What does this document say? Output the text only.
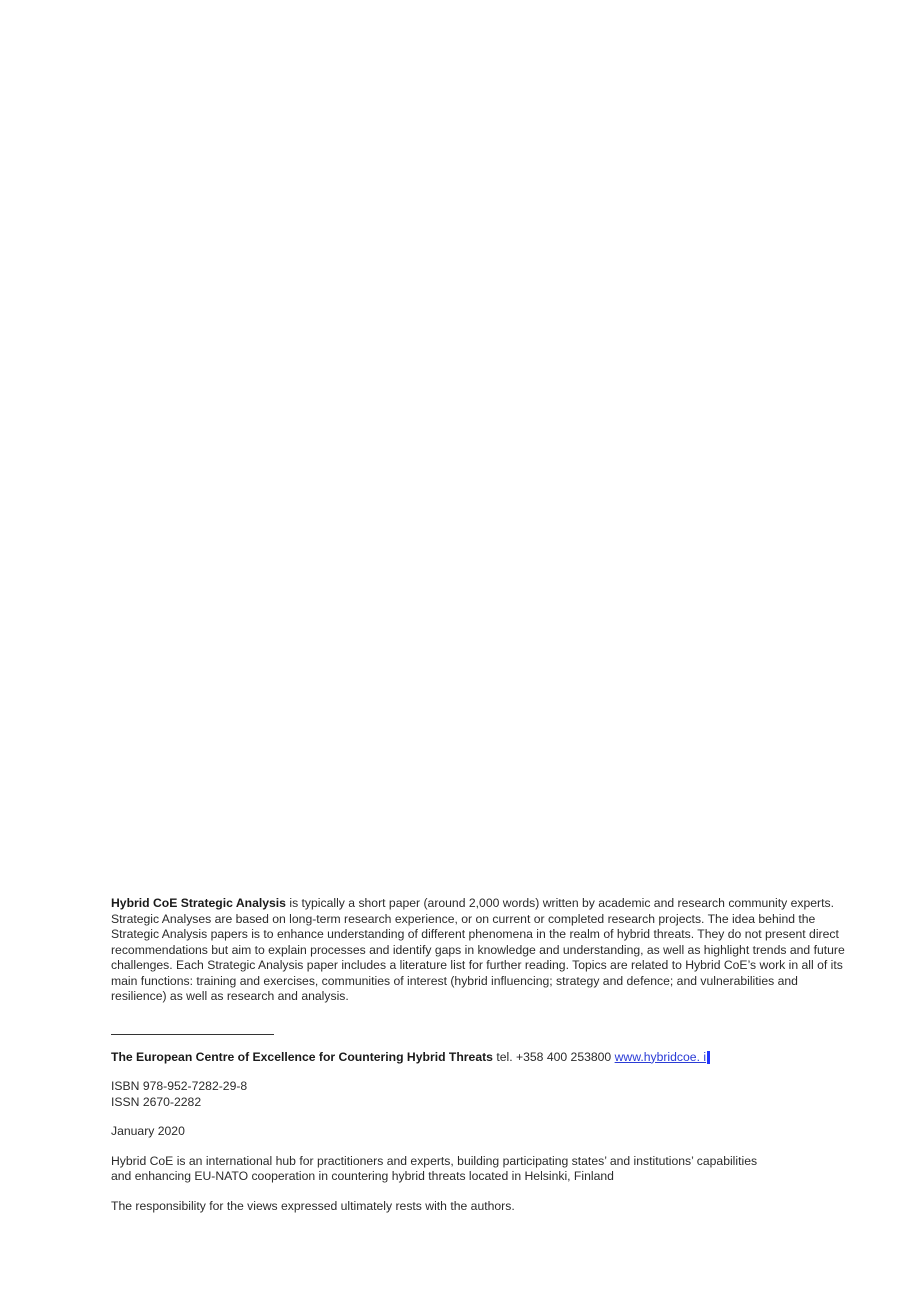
Hybrid CoE Strategic Analysis is typically a short paper (around 2,000 words) written by academic and research community experts. Strategic Analyses are based on long-term research experience, or on current or completed research projects. The idea behind the Strategic Analysis papers is to enhance understanding of different phenomena in the realm of hybrid threats. They do not present direct recommendations but aim to explain processes and identify gaps in knowledge and understanding, as well as highlight trends and future challenges. Each Strategic Analysis paper includes a literature list for further reading. Topics are related to Hybrid CoE’s work in all of its main functions: training and exercises, communities of interest (hybrid influencing; strategy and defence; and vulnerabilities and resilience) as well as research and analysis.

The European Centre of Excellence for Countering Hybrid Threats tel. +358 400 253800 www.hybridcoe. i

ISBN 978-952-7282-29-8
ISSN 2670-2282

January 2020

Hybrid CoE is an international hub for practitioners and experts, building participating states’ and institutions’ capabilities
and enhancing EU-NATO cooperation in countering hybrid threats located in Helsinki, Finland

The responsibility for the views expressed ultimately rests with the authors.
